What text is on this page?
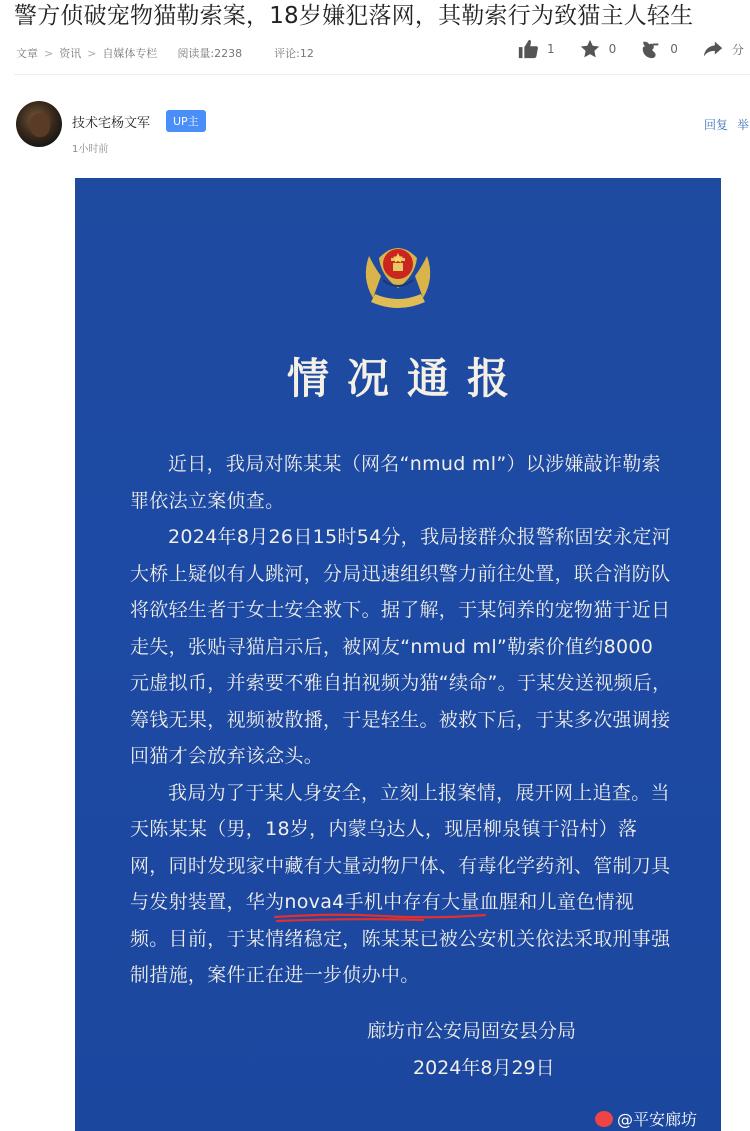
警方侦破宠物猫勒索案，18岁嫌犯落网，其勒索行为致猫主人轻生
文章 > 资讯 > 自媒体专栏 阅读量:2238	评论:12	1	0	0	分
技术宅杨文军	UP主
1小时前
回复 举
情况通报

近日，我局对陈某某（网名“nmud ml”）以涉嫌敲诈勒索罪依法立案侦查。

2024年8月26日15时54分，我局接群众报警称固安永定河大桥上疑似有人跳河，分局迅速组织警力前往处置，联合消防队将欲轻生者于女士安全救下。据了解，于某饲养的宠物猫于近日走失，张贴寻猫启示后，被网友“nmud ml”勒索价值约8000元虚拟币，并索要不雅自拍视频为猫“续命”。于某发送视频后，筹钱无果，视频被散播，于是轻生。被救下后，于某多次强调接回猫才会放弃该念头。

我局为了于某人身安全，立刻上报案情，展开网上追查。当天陈某某（男，18岁，内蒙乌达人，现居柳泉镇于沿村）落网，同时发现家中藏有大量动物尸体、有毒化学药剂、管制刀具与发射装置，华为nova4手机中存有大量血腥和儿童色情视频。目前，于某情绪稳定，陈某某已被公安机关依法采取刑事强制措施，案件正在进一步侦办中。

廊坊市公安局固安县分局
2024年8月29日
@平安廊坊
